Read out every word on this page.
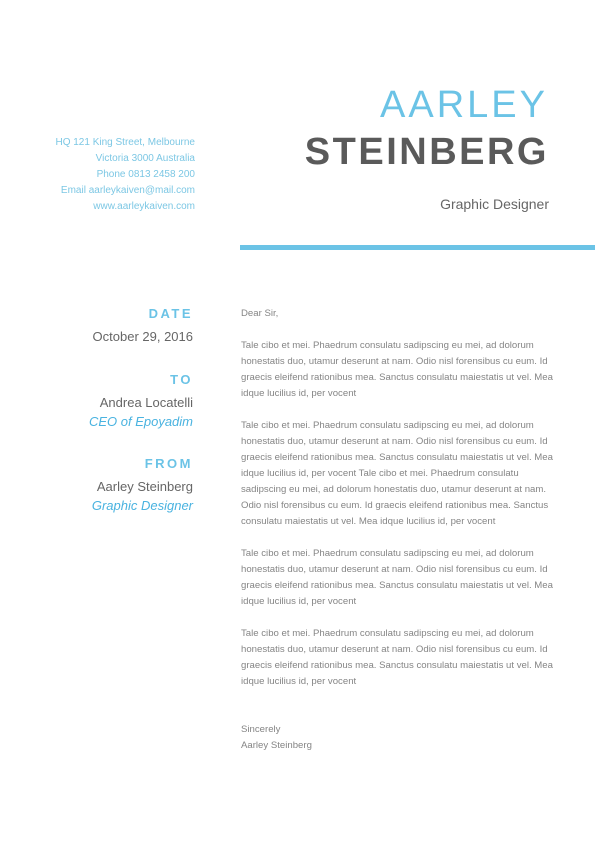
HQ 121 King Street, Melbourne
Victoria 3000 Australia
Phone 0813 2458 200
Email aarleykaiven@mail.com
www.aarleykaiven.com
AARLEY
STEINBERG
Graphic Designer
DATE
October 29, 2016
TO
Andrea Locatelli
CEO of Epoyadim
FROM
Aarley Steinberg
Graphic Designer

Dear Sir,

Tale cibo et mei. Phaedrum consulatu sadipscing eu mei, ad dolorum honestatis duo, utamur deserunt at nam. Odio nisl forensibus cu eum. Id graecis eleifend rationibus mea. Sanctus consulatu maiestatis ut vel. Mea idque lucilius id, per vocent

Tale cibo et mei. Phaedrum consulatu sadipscing eu mei, ad dolorum honestatis duo, utamur deserunt at nam. Odio nisl forensibus cu eum. Id graecis eleifend rationibus mea. Sanctus consulatu maiestatis ut vel. Mea idque lucilius id, per vocent Tale cibo et mei. Phaedrum consulatu sadipscing eu mei, ad dolorum honestatis duo, utamur deserunt at nam. Odio nisl forensibus cu eum. Id graecis eleifend rationibus mea. Sanctus consulatu maiestatis ut vel. Mea idque lucilius id, per vocent

Tale cibo et mei. Phaedrum consulatu sadipscing eu mei, ad dolorum honestatis duo, utamur deserunt at nam. Odio nisl forensibus cu eum. Id graecis eleifend rationibus mea. Sanctus consulatu maiestatis ut vel. Mea idque lucilius id, per vocent

Tale cibo et mei. Phaedrum consulatu sadipscing eu mei, ad dolorum honestatis duo, utamur deserunt at nam. Odio nisl forensibus cu eum. Id graecis eleifend rationibus mea. Sanctus consulatu maiestatis ut vel. Mea idque lucilius id, per vocent

Sincerely

Aarley Steinberg
